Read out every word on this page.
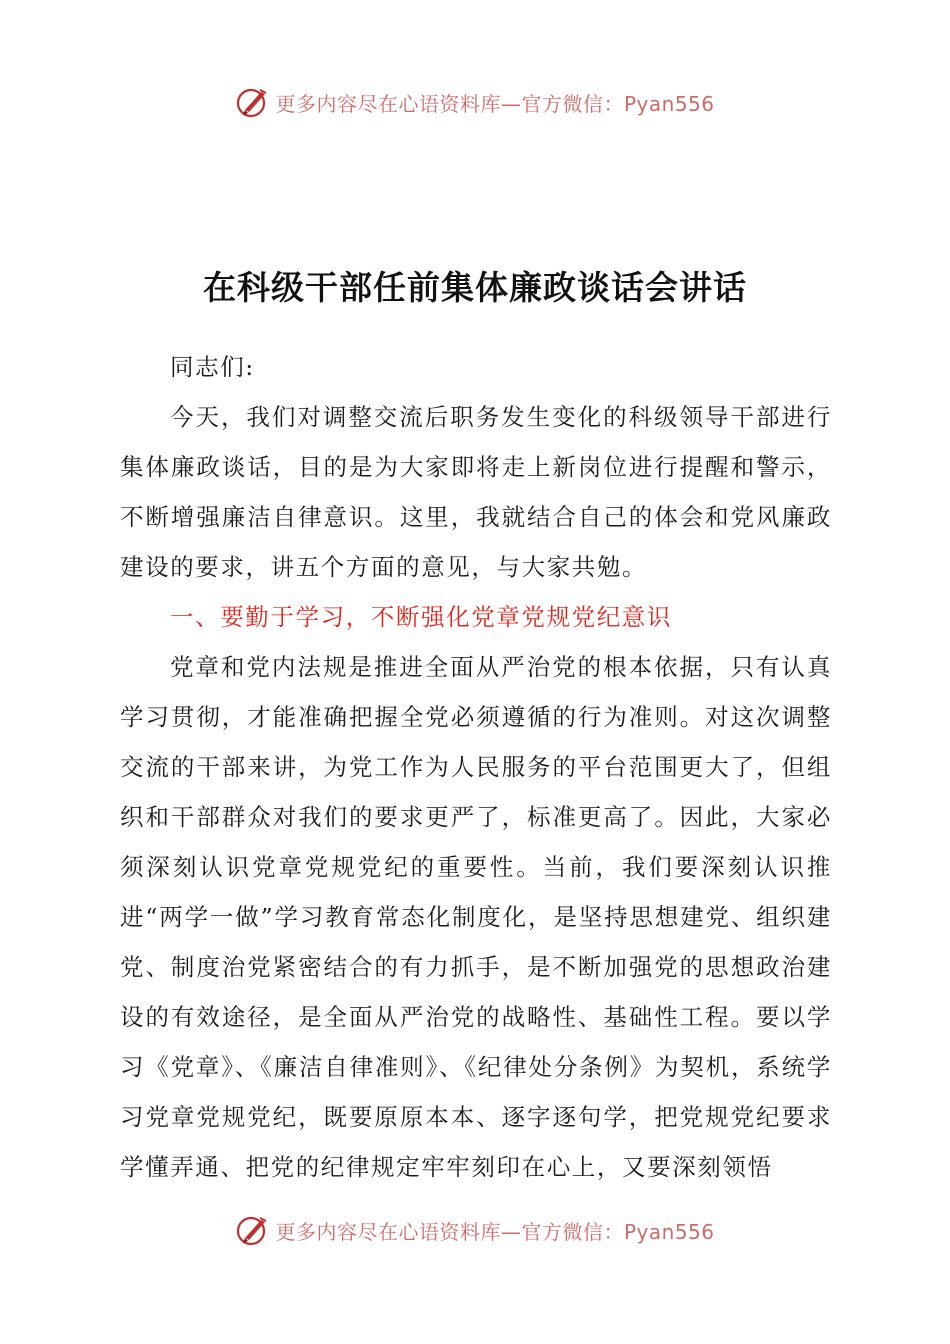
更多内容尽在心语资料库—官方微信：Pyan556
在科级干部任前集体廉政谈话会讲话

同志们:

今天，我们对调整交流后职务发生变化的科级领导干部进行集体廉政谈话，目的是为大家即将走上新岗位进行提醒和警示，不断增强廉洁自律意识。这里，我就结合自己的体会和党风廉政建设的要求，讲五个方面的意见，与大家共勉。

一、要勤于学习，不断强化党章党规党纪意识

党章和党内法规是推进全面从严治党的根本依据，只有认真学习贯彻，才能准确把握全党必须遵循的行为准则。对这次调整交流的干部来讲，为党工作为人民服务的平台范围更大了，但组织和干部群众对我们的要求更严了，标准更高了。因此，大家必须深刻认识党章党规党纪的重要性。当前，我们要深刻认识推进“两学一做”学习教育常态化制度化，是坚持思想建党、组织建党、制度治党紧密结合的有力抓手，是不断加强党的思想政治建设的有效途径，是全面从严治党的战略性、基础性工程。要以学习《党章》、《廉洁自律准则》、《纪律处分条例》为契机，系统学习党章党规党纪，既要原原本本、逐字逐句学，把党规党纪要求学懂弄通、把党的纪律规定牢牢刻印在心上，又要深刻领悟

更多内容尽在心语资料库—官方微信：Pyan556
